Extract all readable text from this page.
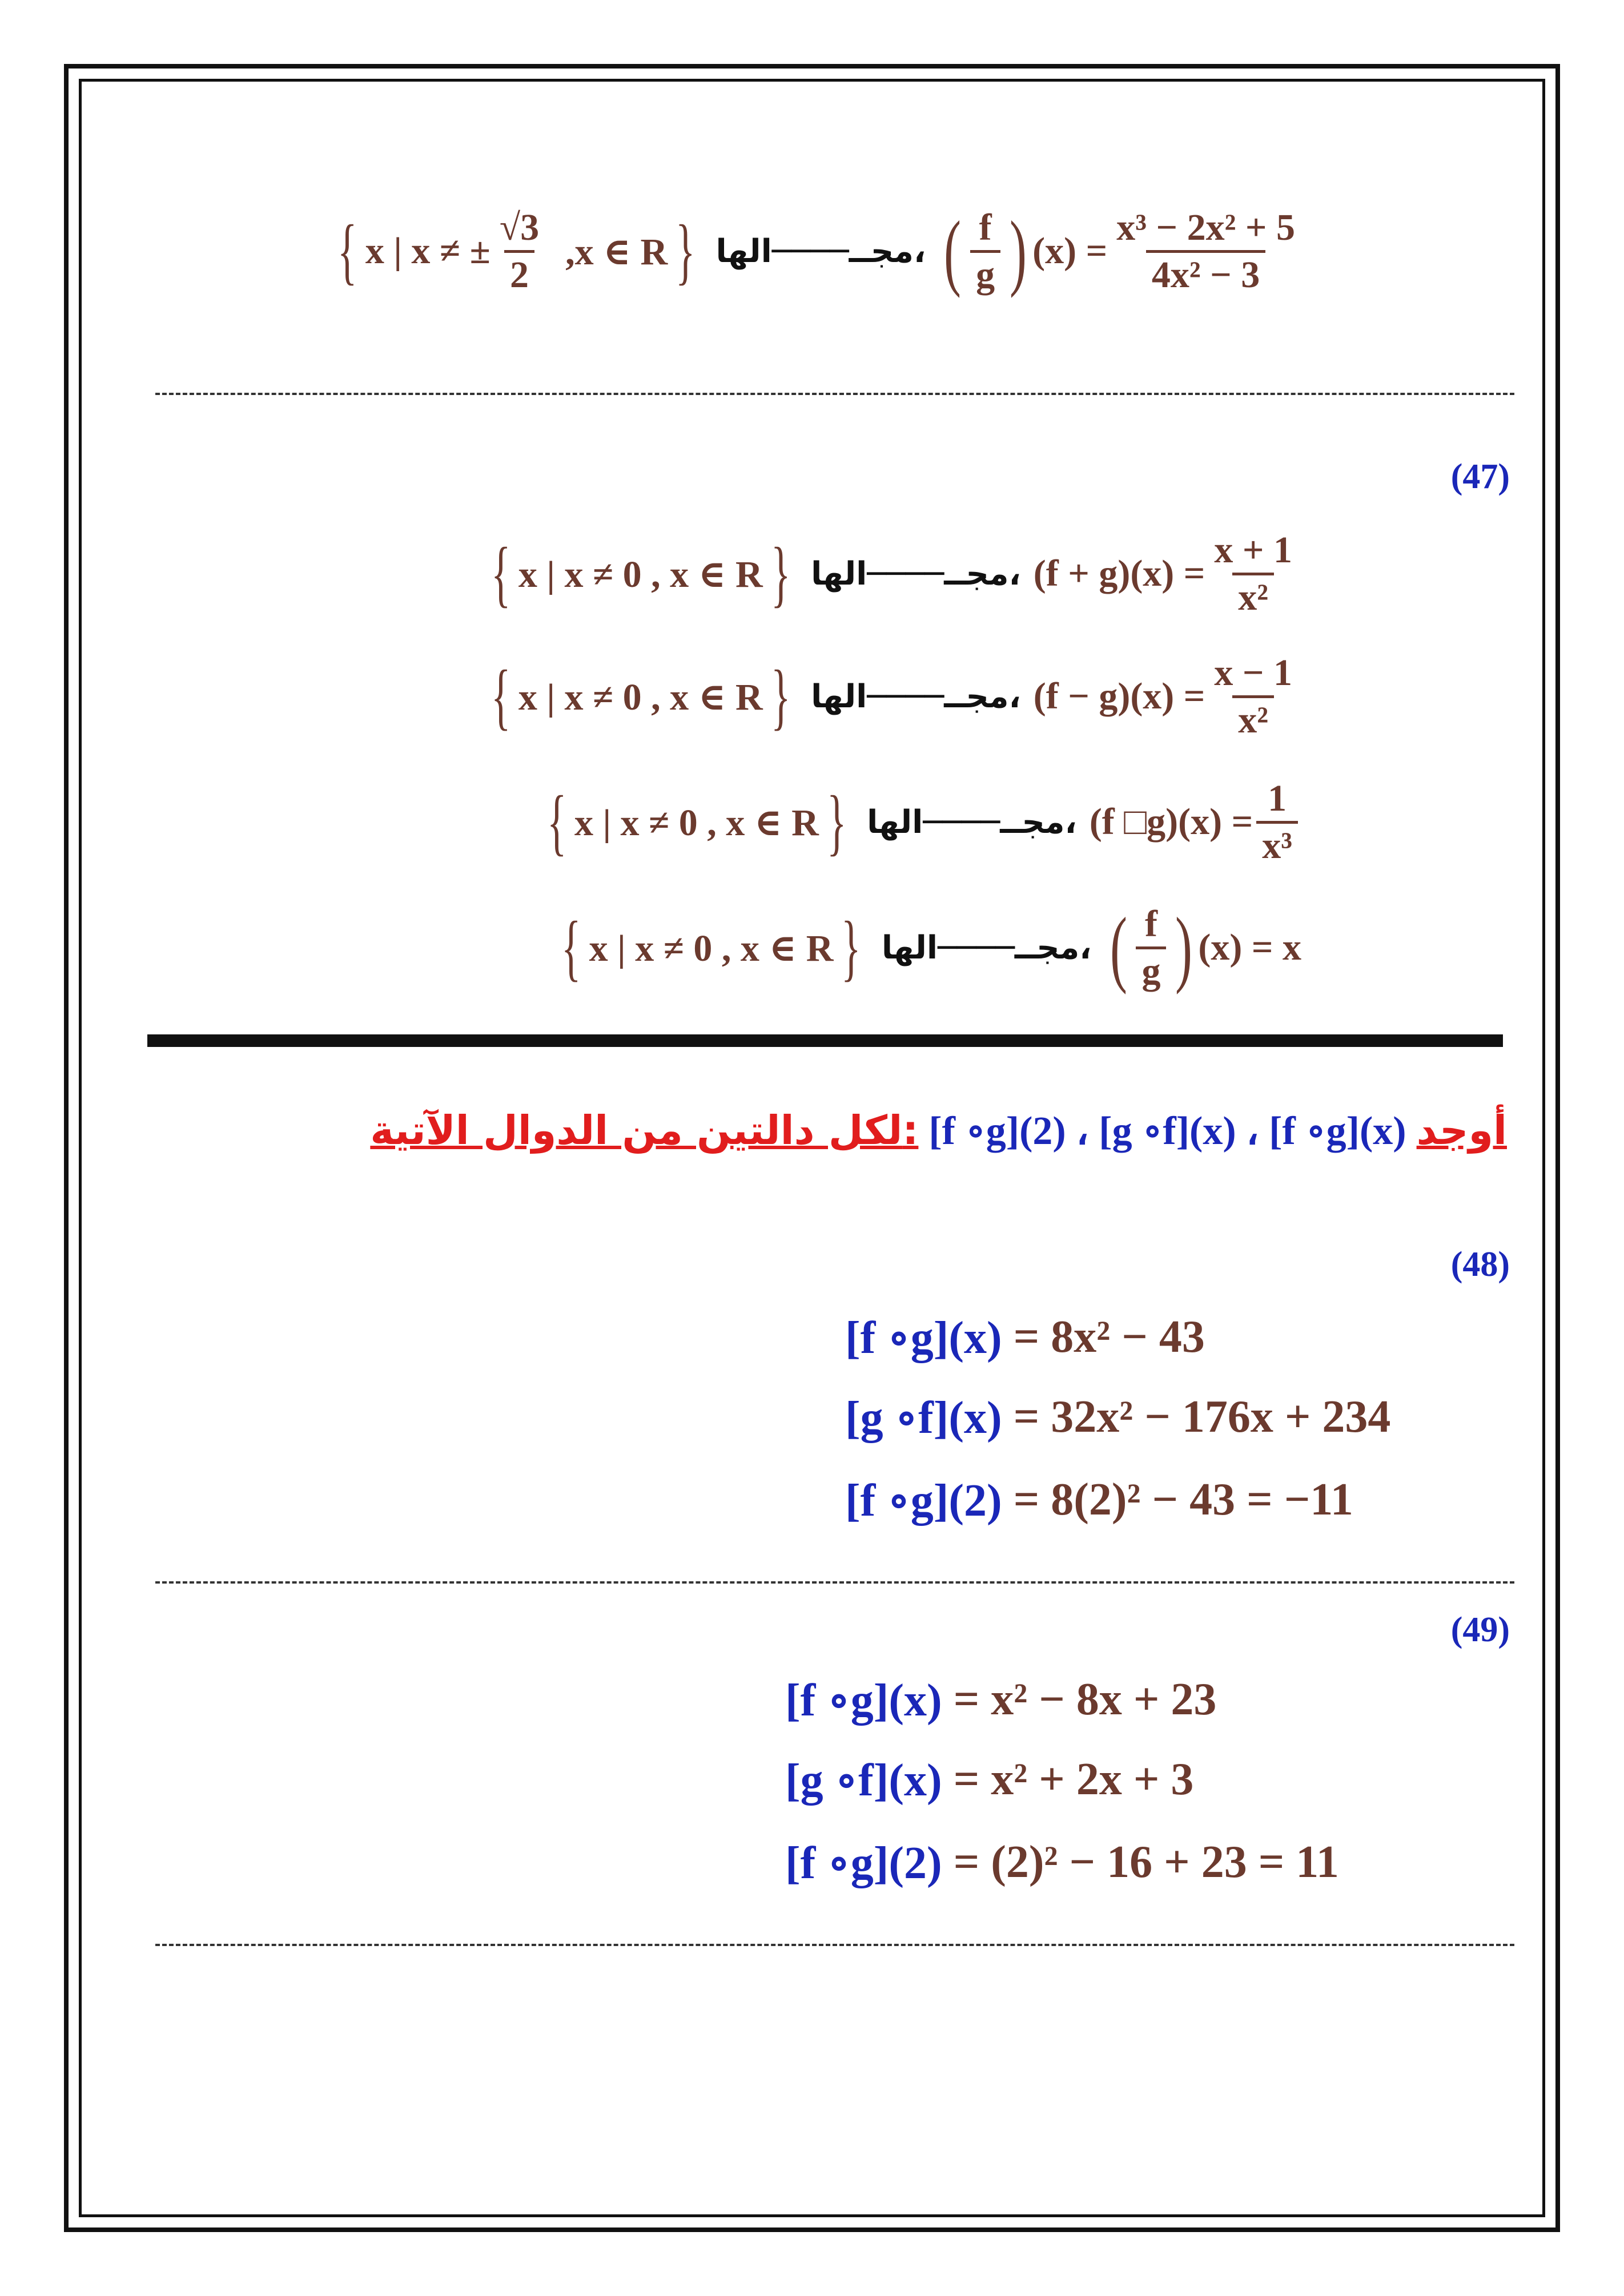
{ x | x ≠ ± $\frac{√3}{2} ,x$ ∈ R } الها ──── مجــ ، ( $\frac{f}{g}$ ) $(x) = \frac{\text{x³ − 2x² + 5}}{\text{4x² − 3}}$
(47)
{ x | x ≠ 0 , x ∈ R } الها ──── مجــ ، $(f + g)(x) = \frac{x + 1}{\text{x²}}$
{ x | x ≠ 0 , x ∈ R } الها ──── مجــ ، $(f - g)(x) = \frac{x - 1}{\text{x²}}$
{ x | x ≠ 0 , x ∈ R } الها ──── مجــ ، (f □g)(x) = $\frac{1}{\text{x³}}$
{ x | x ≠ 0 , x ∈ R } الها ──── مجــ ، ( $\frac{f}{g}$ ) (x) = x
لكل دالتين من الدوال الآتية: [f ∘g](2) ، [g ∘f](x) ، [f ∘g](x) أوجد
(48)
[f ∘g](x)
= 8x² − 43
[g ∘f](x)
= 32x² − 176x + 234
[f ∘g](2)
= 8(2)² − 43 = −11
(49)
[f ∘g](x)
= x² − 8x + 23
[g ∘f](x)
= x² + 2x + 3
[f ∘g](2)
= (2)² − 16 + 23 = 11
